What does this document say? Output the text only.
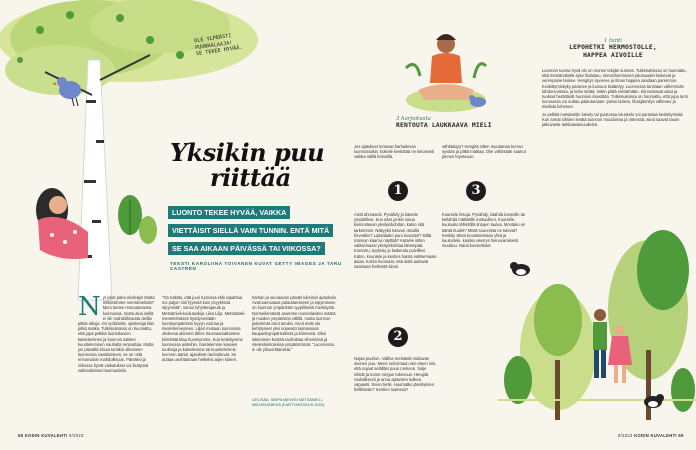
OLE YLPEÄSTI
PUUNHALAAJA!
SE TEKEE HYVÄÄ.
Yksikin puu
riittää
LUONTO TEKEE HYVÄÄ, VAIKKA
VIETTÄISIT SIELLÄ VAIN TUNNIN. ENTÄ MITÄ
SE SAA AIKAAN PÄIVÄSSÄ TAI VIIKOSSA?
TEKSTI KAROLIINA TOIVANEN KUVAT GETTY IMAGES JA TARU CASTRÉN
N yt isket paha mieleäjo! Mutta millointimme merisiimeliotä? Moni tuntee rentoutuvansa luonnossa, mutta aina siellä ei ole mahdollisuutta olellia pitkiä aikoja. On työkiireitä, opiskeluja lilan pitkä matka. Tutkimuksissa on huomattu, että jopa pelkkä luontokuvien katseleminen ja luonnon äänten kuunteleminen nauhalta rentouttaa. Mutta jos päivältä irtoaa tuntikin olleeseen luonnossa naattimiseen, se on mitä erinomaisin mahdollisuus. Päiväksi ja viikossa hyvät vaikutukset voi lisätyssä vaikutuksissa huomasiisiin.
"On tutkittu, että juuri tunnissa ehtii tapahtua noi paljon niin fyysisiä kuin psyykkisiä elpymistä", sanoo lyhytterapeutti ja Metsämieli-koulutuskija Liisa Lilja. Metsämieli-menetelmässä hyödynnetään luontoympäristön kyvyn voimaa ja mielenterveyteen. Liljan mukaan luonnossa oleilessa alamme lähes huomaamattamme kiinnittää tilaa huomiomme. Kun keskitymme luonnossa aisteihin, haistelemme kasvien tuoksuja ja katselemme tai kuuntelemme luonnon ääniä, ajatukset rauhoittuvat. Se auttaa unohtamaan hetkeksi arjen kiireet.
harkan ja seuraavan päivän kiireisiin ajatuksiin. Avaruuensaasa palauttamiseen ja elpymiseen on luonnon ympäristön tyypillisesti merkitystä. Normeilemässä asumme monenlaisten määrä ja muiden ympäristön välillä, mutta luonnon pidemmät osiot tutuksi. Aivot eivät ole kehittyneet yksi nopeasti toimiamaan kaupunkiympäristöissä ja kiireessä. Siksi lukeminen kestää rauhoittaa viheriössä ja mielenkiintoisissa ympäristöissä. "Luonnossa ei ole ylisuorittamista."
LIELISÄÄ: SIMPA MIEHEN METSÄMIELI-MIELENJÄRKEÄ (KARTTAKESKUS 2023).
68 KODIN KUVALEHTI 9/2023
3 harjoitusta
RENTOUTA LAUKKAAVA MIELI
Jos ajatukset tuntuvat harhailevan luonnossakin, kokeile keskittää ne tietoisesti vaikka näillä keinoilla.
vähittäisyy? Hengitä sitten muutaman kerran syvään ja pitkä matkaa. Ole! vähintään saanut pienen lepotauon.
1	3
Aistit ahmaseiti. Pysähdy ja katsele ympärillesi. Kun näet jonkin sinua kiinnostavan yksityiskohdan, katso sitä tarkemmin. Näkyykö kasvun oksalla hirveäkin? Liplattaako puro kuvastol? Miltä männyn kaarna näyttää? Katsele sitten valitsemaasi yksityiskohtaa lähempää. Kumarru, kyykisty ja laskeudu polvillesi. Katso, kuuntele ja kenties haista valitsemaasi asiaa. Kohta huomaat, että aistit auttavat saamaan hetkestä kiinni.
Kuuntele lintuja. Pysähdy, istahda kannolle tai kellahda mättäälle makuulleni. Kuuntele, kuuluuko lähistöllä lintujen laulua. Montako eri ääntä kuulet? Mistä suunnista ne tulevat? Keskity sitten kuuntelemaan yhtä ja kuulostele, kuinka viserrys hienovaraisesti muuttuu. Nauti konsertista!
2
Nojaa puuhun. Valitse metsästä mukavan oloinen puu. Mene seisomaan sen eteen niin, että nojaat selälläsi puun runkoon. Sulje silmät ja tunne rungon tukevuus. Hengitä rauhallisesti ja anna ajatusten kulkea vapaasti. Seiso hetki. Huomatko jännityksen hellittävän? Kenties tuulessa?
1 tunti
LEPOHETKI HERMOSTOLLE,
HAPPEA AIVOILLE

Luonnon tuoma hyvä olo on monen tekijän summa. Tutkimuksissa on huomattu, että metsäretkellä syke hidastuu, stressihormonien pitoisuudet laskevat ja verenpaine laskee. Hengitys syvenee ja ilman happea saadaan paremmin. Keskittymiskyky paranee ja luovuus lisääntyy. Luonnossa tarvitaan vähemmän tahdonvoimaa, ja keho tietää, miten pitää selviämään. Kiinnostavat asiat ja tuoksut herättävät huomion itsestään. Tutkimuksissa on huomattu, että jopa tunti luonnossa voi auttaa palautumaan: pulssi laskee, lihasjännitys vähenee ja mieliala kohenee.

Jo pelkkä metsäreitin kävely tai puistossa istuskelu voi parantaa keskittymistä. Kun annat silmien levätä luonnon muodoissa ja väreissä, aivot saavat tauon jatkuvasta tarkkaavaisuudesta.

9/2023 KODIN KUVALEHTI 69
